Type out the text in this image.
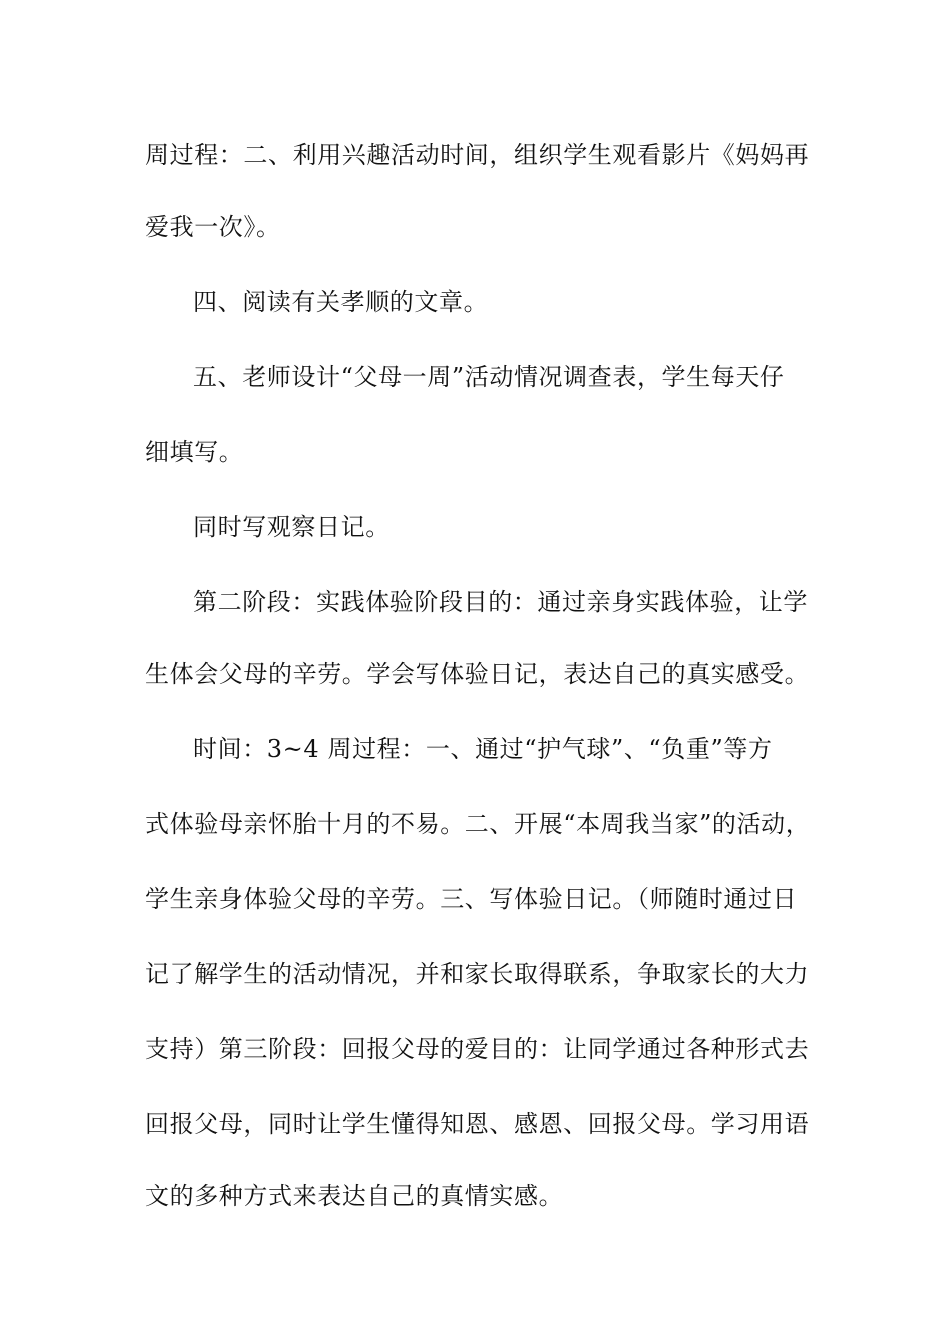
周过程：二、利用兴趣活动时间，组织学生观看影片《妈妈再

爱我一次》。

四、阅读有关孝顺的文章。

五、老师设计“父母一周”活动情况调查表，学生每天仔

细填写。

同时写观察日记。

第二阶段：实践体验阶段目的：通过亲身实践体验，让学

生体会父母的辛劳。学会写体验日记，表达自己的真实感受。

时间：3~4 周过程：一、通过“护气球”、“负重”等方

式体验母亲怀胎十月的不易。二、开展“本周我当家”的活动，

学生亲身体验父母的辛劳。三、写体验日记。（师随时通过日

记了解学生的活动情况，并和家长取得联系，争取家长的大力

支持）第三阶段：回报父母的爱目的：让同学通过各种形式去

回报父母，同时让学生懂得知恩、感恩、回报父母。学习用语

文的多种方式来表达自己的真情实感。
